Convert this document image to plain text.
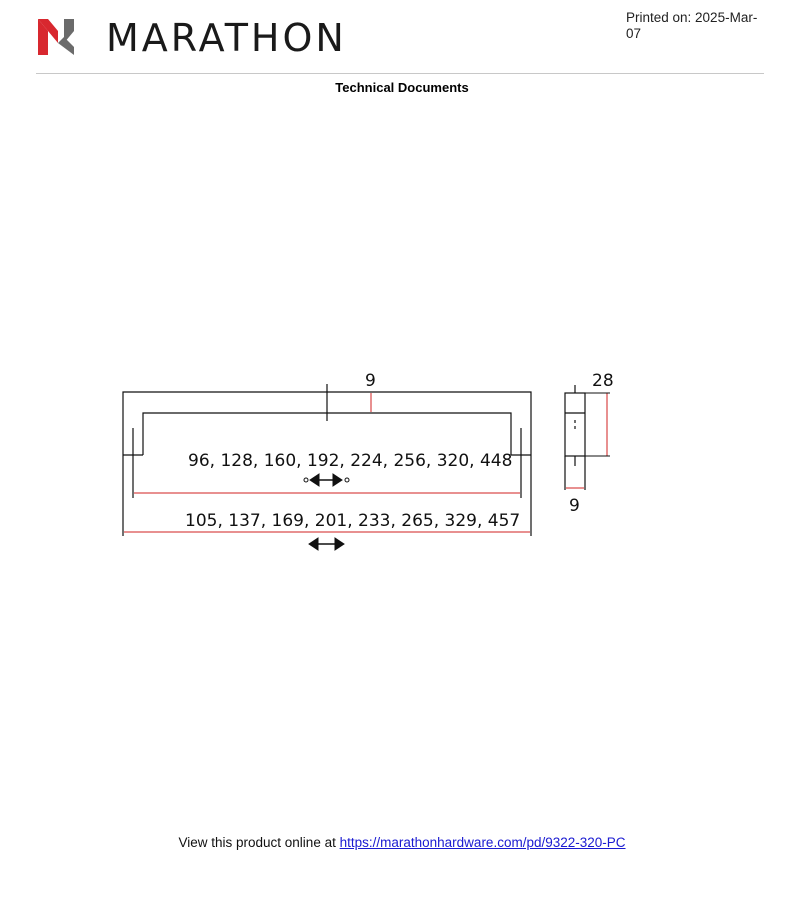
MARATHON	Printed on: 2025-Mar-07
Technical Documents
9
96, 128, 160, 192, 224, 256, 320, 448
105, 137, 169, 201, 233, 265, 329, 457
28
9
View this product online at https://marathonhardware.com/pd/9322-320-PC
